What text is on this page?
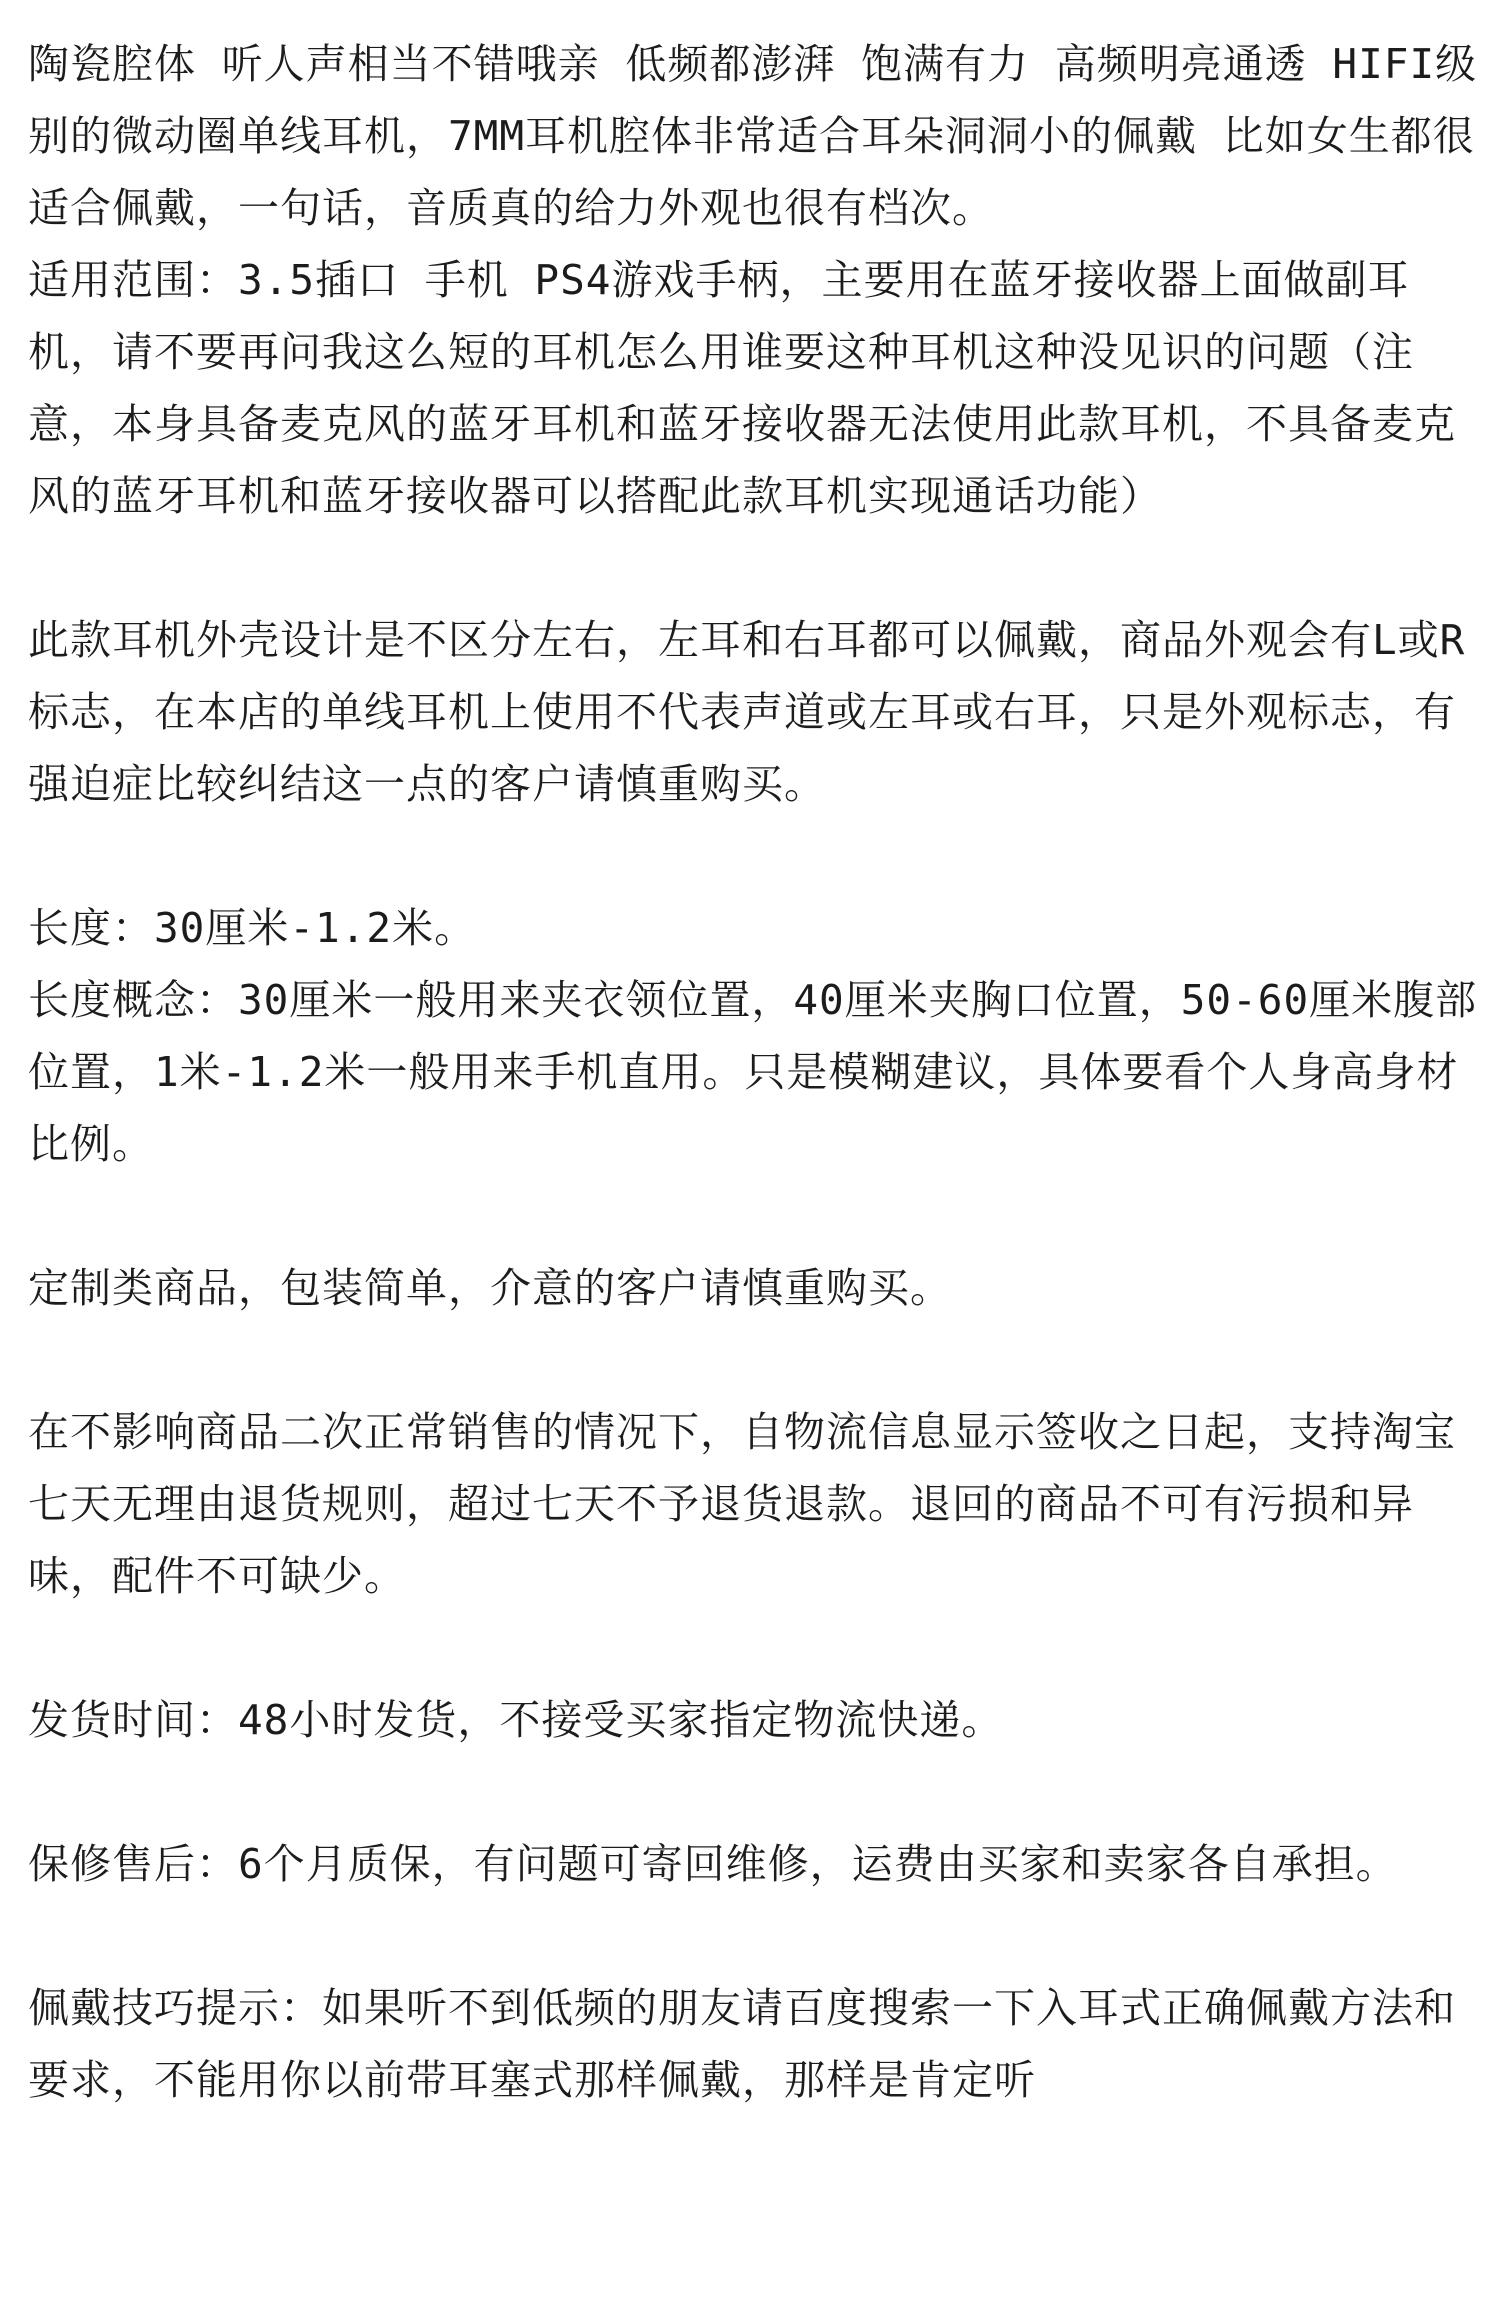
陶瓷腔体 听人声相当不错哦亲 低频都澎湃 饱满有力 高频明亮通透 HIFI级别的微动圈单线耳机，7MM耳机腔体非常适合耳朵洞洞小的佩戴 比如女生都很适合佩戴，一句话，音质真的给力外观也很有档次。

适用范围：3.5插口 手机 PS4游戏手柄，主要用在蓝牙接收器上面做副耳机，请不要再问我这么短的耳机怎么用谁要这种耳机这种没见识的问题（注意，本身具备麦克风的蓝牙耳机和蓝牙接收器无法使用此款耳机，不具备麦克风的蓝牙耳机和蓝牙接收器可以搭配此款耳机实现通话功能）

此款耳机外壳设计是不区分左右，左耳和右耳都可以佩戴，商品外观会有L或R标志，在本店的单线耳机上使用不代表声道或左耳或右耳，只是外观标志，有强迫症比较纠结这一点的客户请慎重购买。

长度：30厘米-1.2米。

长度概念：30厘米一般用来夹衣领位置，40厘米夹胸口位置，50-60厘米腹部位置，1米-1.2米一般用来手机直用。只是模糊建议，具体要看个人身高身材比例。

定制类商品，包装简单，介意的客户请慎重购买。

在不影响商品二次正常销售的情况下，自物流信息显示签收之日起，支持淘宝七天无理由退货规则，超过七天不予退货退款。退回的商品不可有污损和异味，配件不可缺少。

发货时间：48小时发货，不接受买家指定物流快递。

保修售后：6个月质保，有问题可寄回维修，运费由买家和卖家各自承担。

佩戴技巧提示：如果听不到低频的朋友请百度搜索一下入耳式正确佩戴方法和要求，不能用你以前带耳塞式那样佩戴，那样是肯定听
